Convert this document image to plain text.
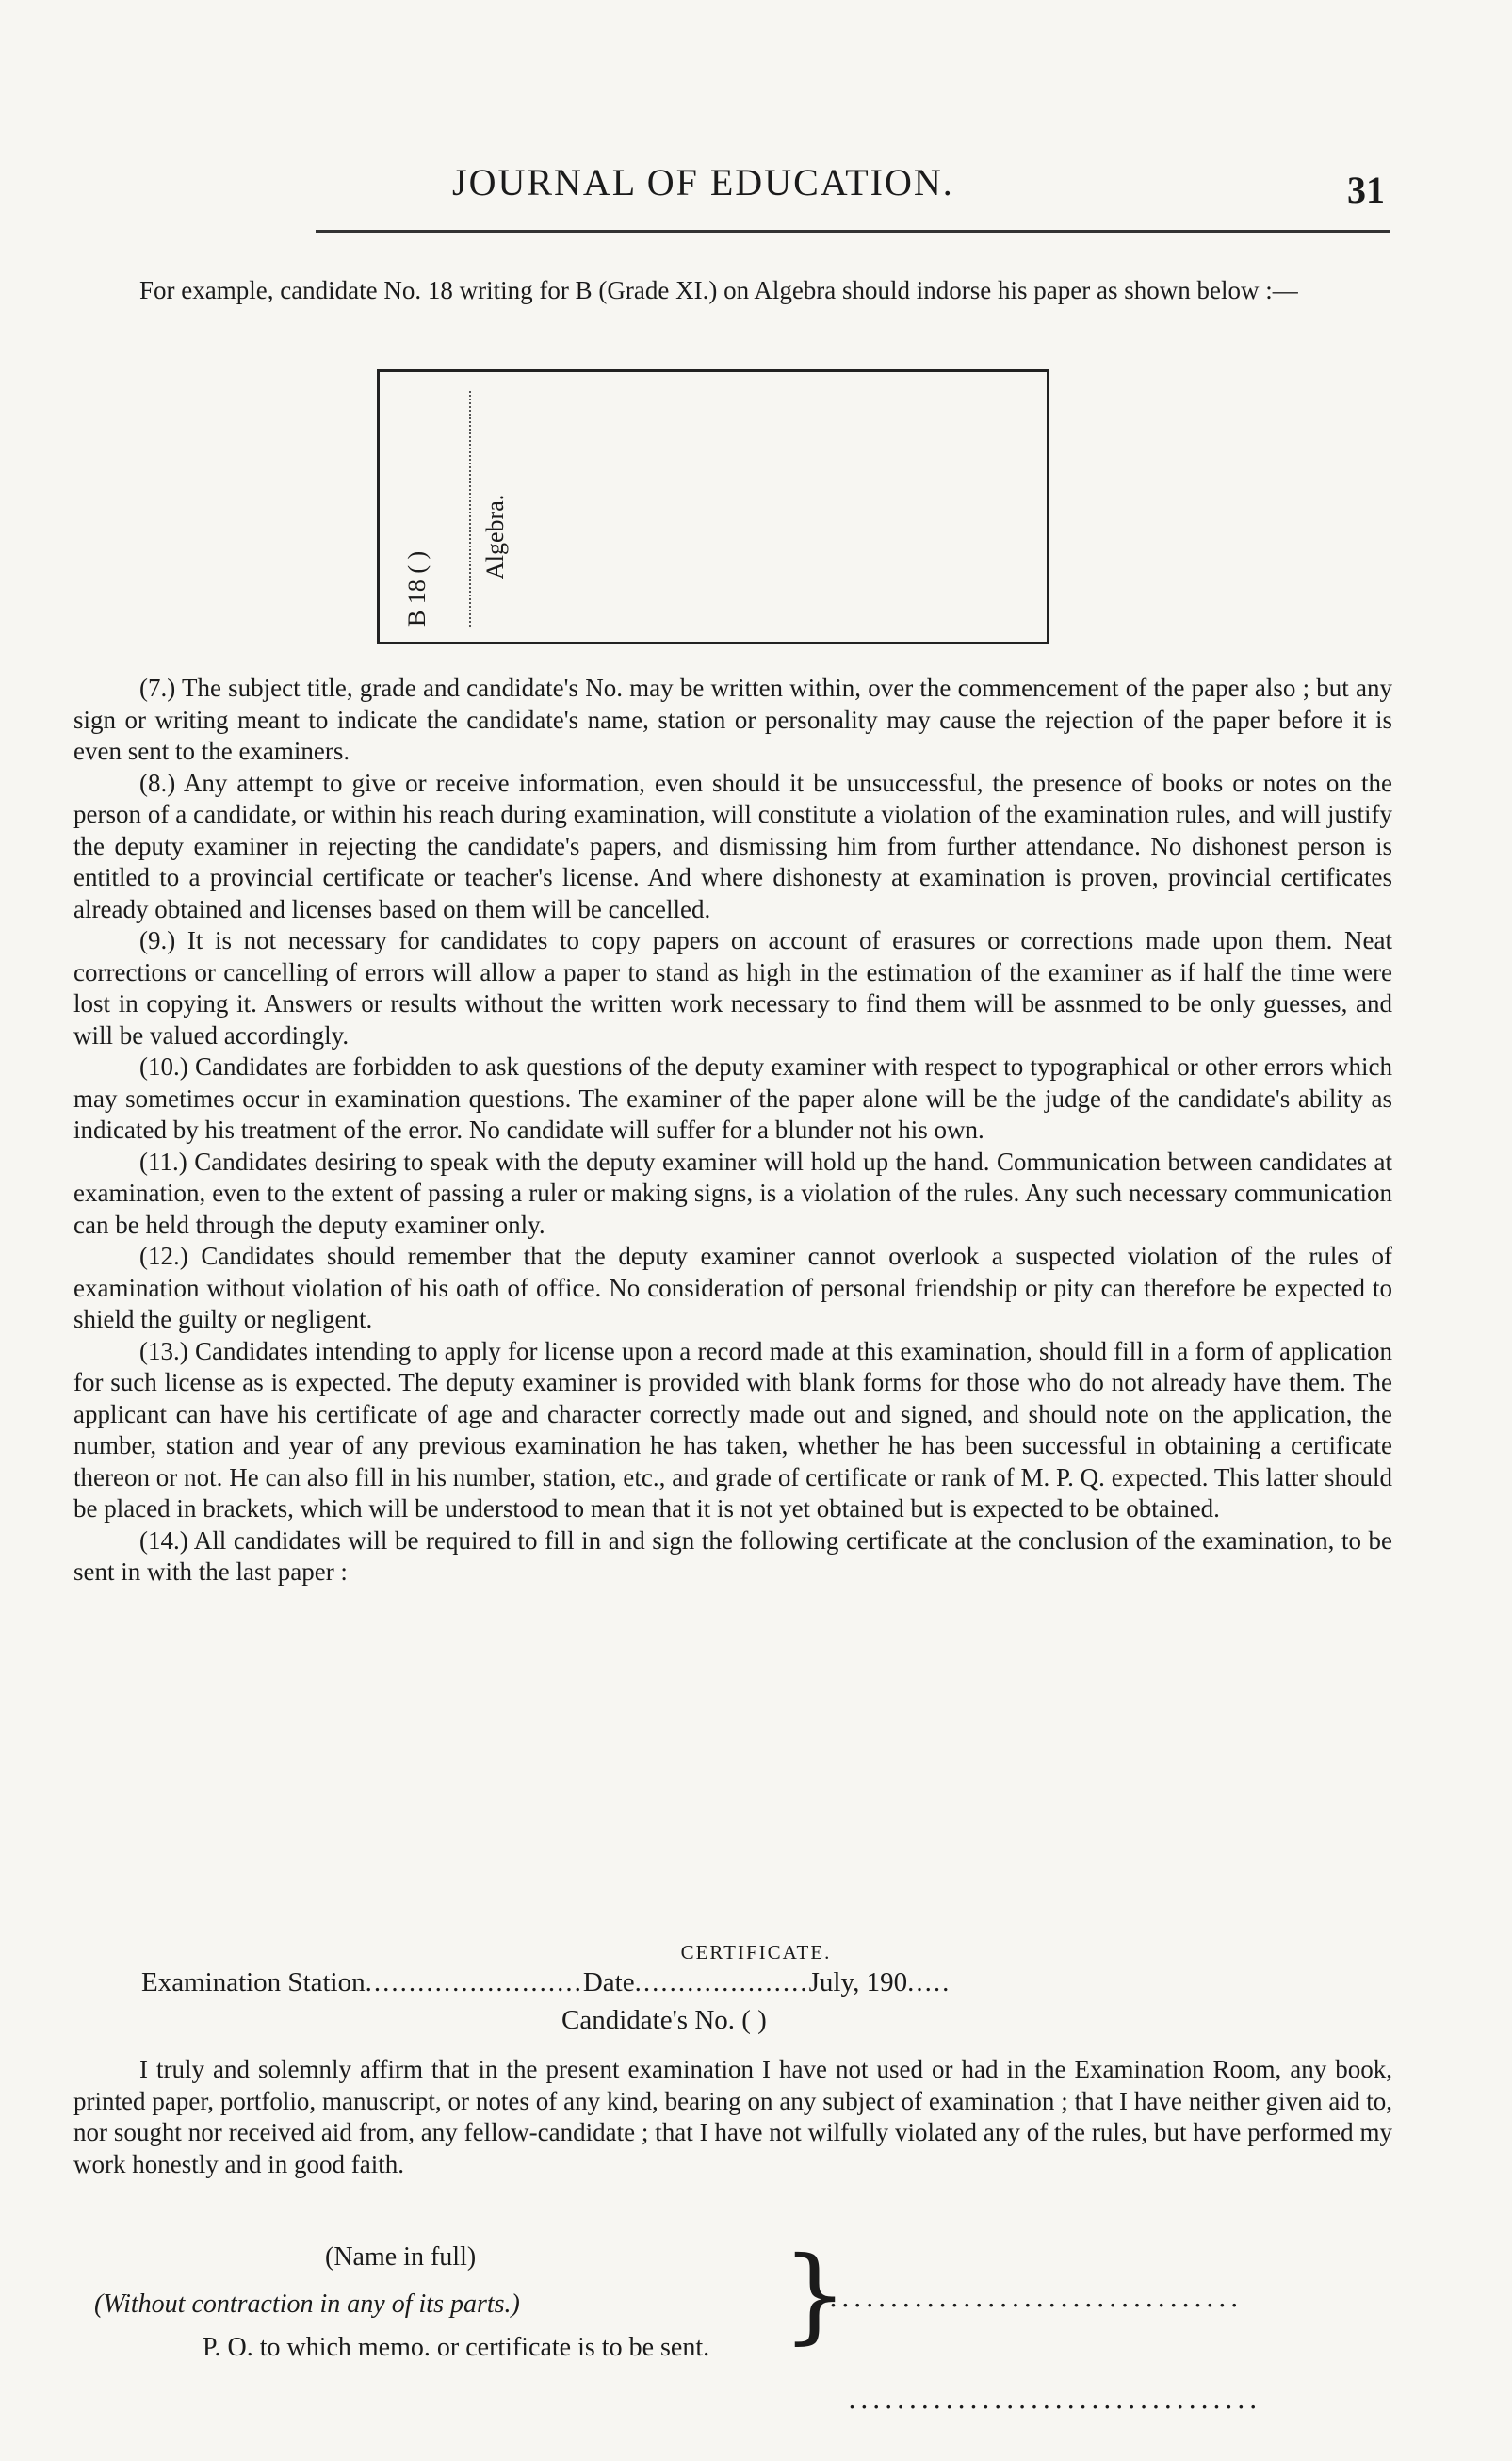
JOURNAL OF EDUCATION.	31

For example, candidate No. 18 writing for B (Grade XI.) on Algebra should indorse his paper as shown below :—

B 18 ( )
Algebra.

(7.) The subject title, grade and candidate's No. may be written within, over the commencement of the paper also ; but any sign or writing meant to indicate the candidate's name, station or personality may cause the rejection of the paper before it is even sent to the examiners.

(8.) Any attempt to give or receive information, even should it be unsuccessful, the presence of books or notes on the person of a candidate, or within his reach during examination, will constitute a violation of the examination rules, and will justify the deputy examiner in rejecting the candidate's papers, and dismissing him from further attendance. No dishonest person is entitled to a provincial certificate or teacher's license. And where dishonesty at examination is proven, provincial certificates already obtained and licenses based on them will be cancelled.

(9.) It is not necessary for candidates to copy papers on account of erasures or corrections made upon them. Neat corrections or cancelling of errors will allow a paper to stand as high in the estimation of the examiner as if half the time were lost in copying it. Answers or results without the written work necessary to find them will be assnmed to be only guesses, and will be valued accordingly.

(10.) Candidates are forbidden to ask questions of the deputy examiner with respect to typographical or other errors which may sometimes occur in examination questions. The examiner of the paper alone will be the judge of the candidate's ability as indicated by his treatment of the error. No candidate will suffer for a blunder not his own.

(11.) Candidates desiring to speak with the deputy examiner will hold up the hand. Communication between candidates at examination, even to the extent of passing a ruler or making signs, is a violation of the rules. Any such necessary communication can be held through the deputy examiner only.

(12.) Candidates should remember that the deputy examiner cannot overlook a suspected violation of the rules of examination without violation of his oath of office. No consideration of personal friendship or pity can therefore be expected to shield the guilty or negligent.

(13.) Candidates intending to apply for license upon a record made at this examination, should fill in a form of application for such license as is expected. The deputy examiner is provided with blank forms for those who do not already have them. The applicant can have his certificate of age and character correctly made out and signed, and should note on the application, the number, station and year of any previous examination he has taken, whether he has been successful in obtaining a certificate thereon or not. He can also fill in his number, station, etc., and grade of certificate or rank of M. P. Q. expected. This latter should be placed in brackets, which will be understood to mean that it is not yet obtained but is expected to be obtained.

(14.) All candidates will be required to fill in and sign the following certificate at the conclusion of the examination, to be sent in with the last paper :

CERTIFICATE.
Examination Station.........................Date....................July, 190.....
Candidate's No. ( )

I truly and solemnly affirm that in the present examination I have not used or had in the Examination Room, any book, printed paper, portfolio, manuscript, or notes of any kind, bearing on any subject of examination ; that I have neither given aid to, nor sought nor received aid from, any fellow-candidate ; that I have not wilfully violated any of the rules, but have performed my work honestly and in good faith.

(Name in full)
(Without contraction in any of its parts.)
P. O. to which memo. or certificate is to be sent. }
..................................
..................................
